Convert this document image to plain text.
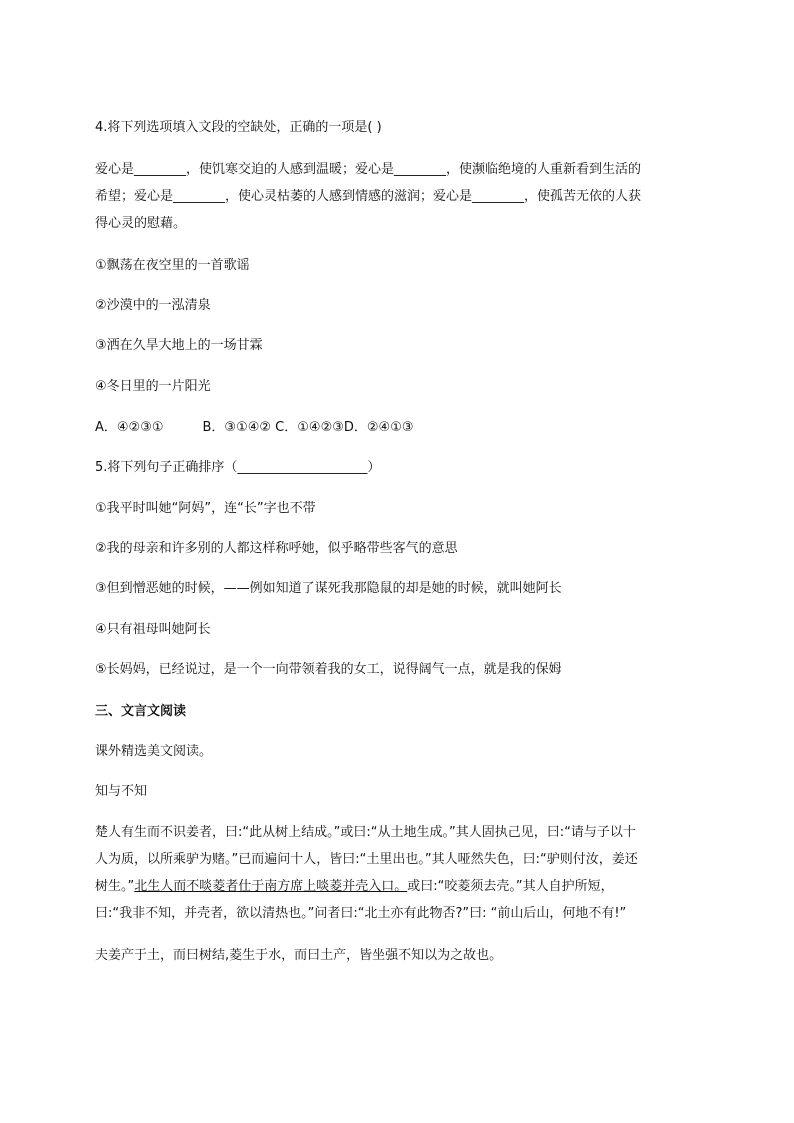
4.将下列选项填入文段的空缺处，正确的一项是( )
爱心是________，使饥寒交迫的人感到温暖；爱心是________，使濒临绝境的人重新看到生活的
希望；爱心是________，使心灵枯萎的人感到情感的滋润；爱心是________，使孤苦无依的人获
得心灵的慰藉。
①飘荡在夜空里的一首歌谣
②沙漠中的一泓清泉
③洒在久旱大地上的一场甘霖
④冬日里的一片阳光
A．④②③①　　　B．③①④② C．①④②③D．②④①③
5.将下列句子正确排序（____________________）
①我平时叫她“阿妈”，连“长”字也不带
②我的母亲和许多别的人都这样称呼她，似乎略带些客气的意思
③但到憎恶她的时候，——例如知道了谋死我那隐鼠的却是她的时候，就叫她阿长
④只有祖母叫她阿长
⑤长妈妈，已经说过，是一个一向带领着我的女工，说得阔气一点，就是我的保姆
三、文言文阅读
课外精选美文阅读。
知与不知
楚人有生而不识姜者，曰:“此从树上结成。”或曰:“从土地生成。”其人固执己见，曰:“请与子以十
人为质，以所乘驴为赌。”已而遍问十人，皆曰:“土里出也。”其人哑然失色，曰:“驴则付汝，姜还
树生。”北生人而不啖菱者仕于南方席上啖菱并壳入口。或曰:“咬菱须去壳。”其人自护所短，
曰:“我非不知，并壳者，欲以清热也。”问者曰:“北土亦有此物否?”曰: “前山后山，何地不有!”
夫姜产于土，而曰树结,菱生于水，而曰土产，皆坐强不知以为之故也。
